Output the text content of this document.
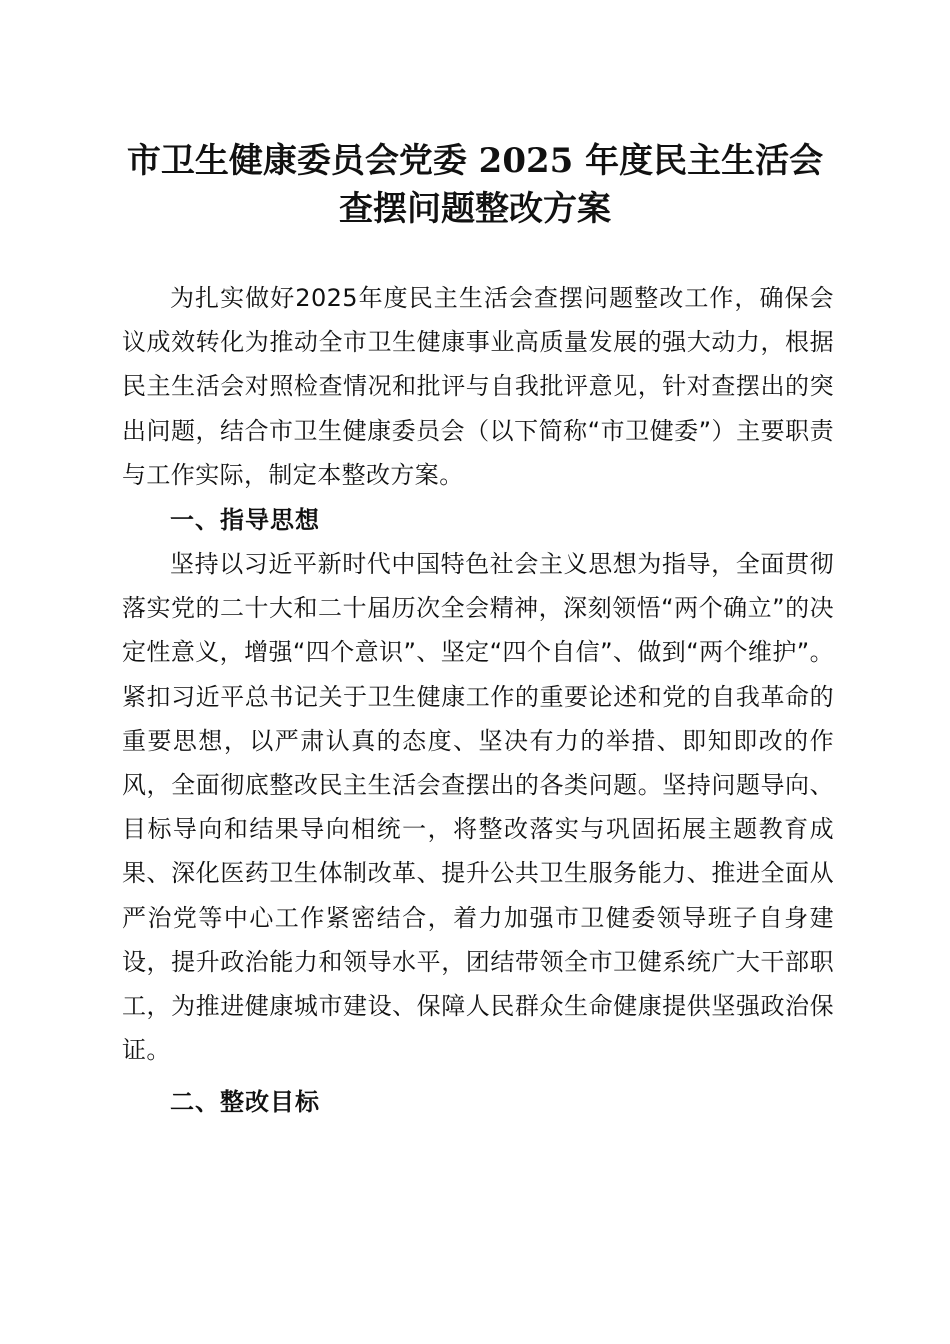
市卫生健康委员会党委 2025 年度民主生活会
查摆问题整改方案

为扎实做好2025年度民主生活会查摆问题整改工作，确保会议成效转化为推动全市卫生健康事业高质量发展的强大动力，根据民主生活会对照检查情况和批评与自我批评意见，针对查摆出的突出问题，结合市卫生健康委员会（以下简称“市卫健委”）主要职责与工作实际，制定本整改方案。

一、指导思想

坚持以习近平新时代中国特色社会主义思想为指导，全面贯彻落实党的二十大和二十届历次全会精神，深刻领悟“两个确立”的决定性意义，增强“四个意识”、坚定“四个自信”、做到“两个维护”。紧扣习近平总书记关于卫生健康工作的重要论述和党的自我革命的重要思想，以严肃认真的态度、坚决有力的举措、即知即改的作风，全面彻底整改民主生活会查摆出的各类问题。坚持问题导向、目标导向和结果导向相统一，将整改落实与巩固拓展主题教育成果、深化医药卫生体制改革、提升公共卫生服务能力、推进全面从严治党等中心工作紧密结合，着力加强市卫健委领导班子自身建设，提升政治能力和领导水平，团结带领全市卫健系统广大干部职工，为推进健康城市建设、保障人民群众生命健康提供坚强政治保证。

二、整改目标
